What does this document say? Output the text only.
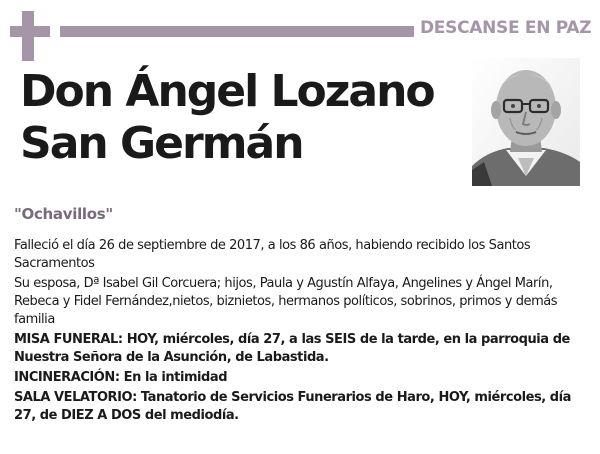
DESCANSE EN PAZ
Don Ángel Lozano
San Germán
"Ochavillos"

Falleció el día 26 de septiembre de 2017, a los 86 años, habiendo recibido los Santos Sacramentos

Su esposa, Dª Isabel Gil Corcuera; hijos, Paula y Agustín Alfaya, Angelines y Ángel Marín, Rebeca y Fidel Fernández,nietos, biznietos, hermanos políticos, sobrinos, primos y demás familia

MISA FUNERAL: HOY, miércoles, día 27, a las SEIS de la tarde, en la parroquia de Nuestra Señora de la Asunción, de Labastida.

INCINERACIÓN: En la intimidad

SALA VELATORIO: Tanatorio de Servicios Funerarios de Haro, HOY, miércoles, día 27, de DIEZ A DOS del mediodía.
